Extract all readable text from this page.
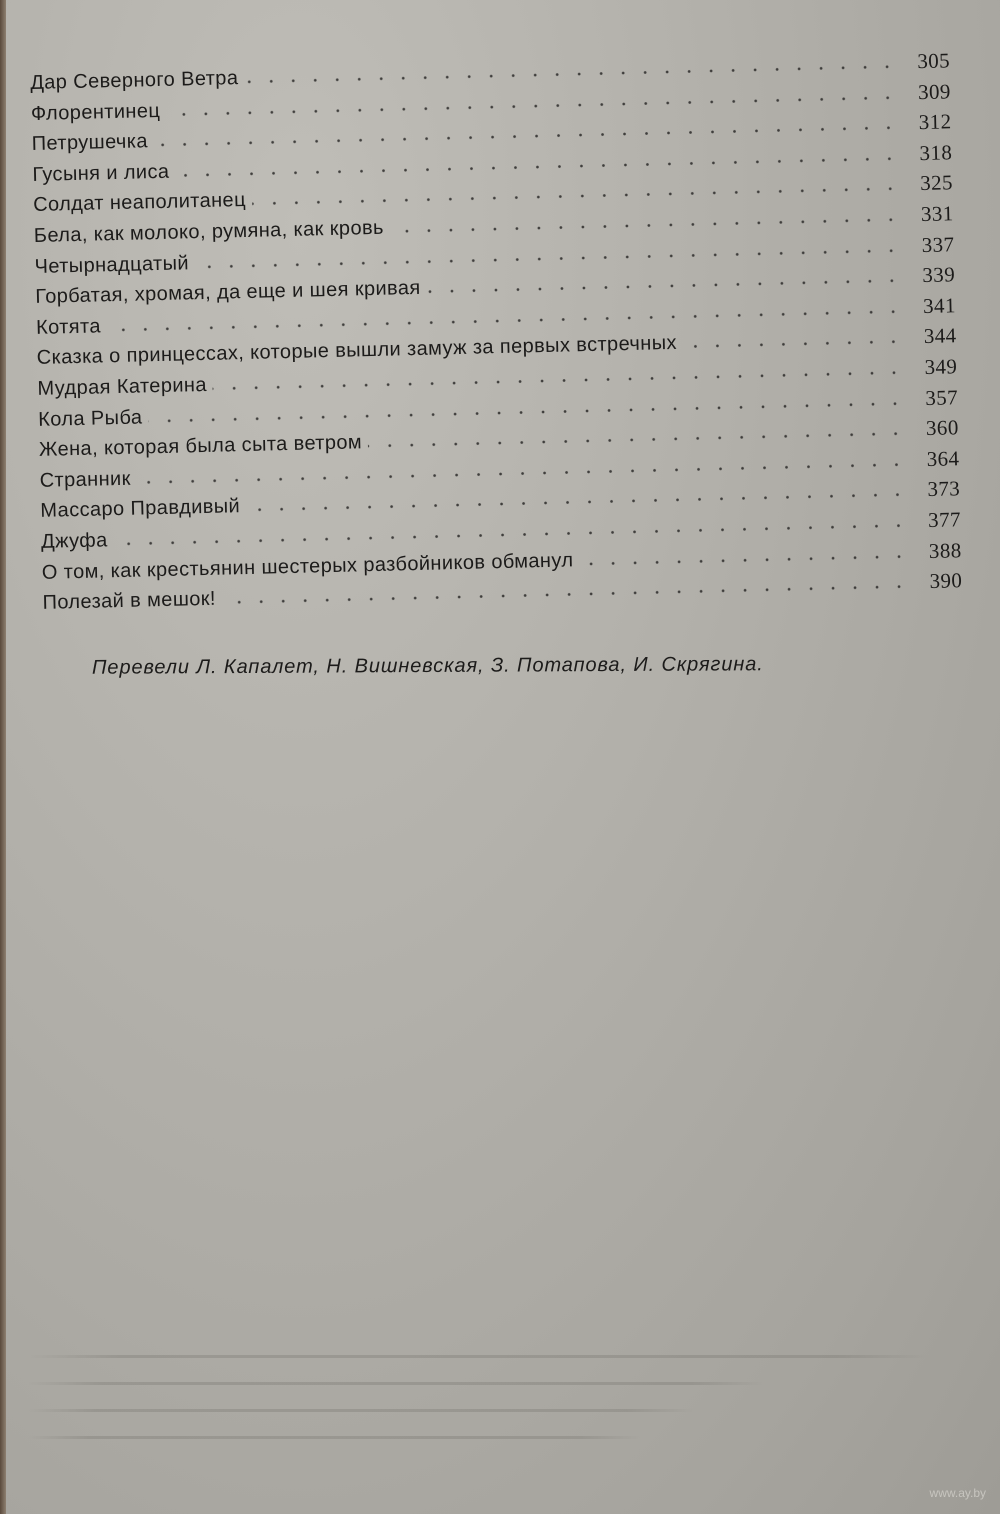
Дар Северного Ветра
305
Флорентинец
309
Петрушечка
312
Гусыня и лиса
318
Солдат неаполитанец
325
Бела, как молоко, румяна, как кровь
331
Четырнадцатый
337
Горбатая, хромая, да еще и шея кривая
339
Котята
341
Сказка о принцессах, которые вышли замуж за первых встречных	344
Мудрая Катерина
349
Кола Рыба
357
Жена, которая была сыта ветром
360
Странник
364
Массаро Правдивый
373
Джуфа
377
О том, как крестьянин шестерых разбойников обманул	388
Полезай в мешок!
390
Перевели Л. Капалет, Н. Вишневская, З. Потапова, И. Скрягина.
www.ay.by
